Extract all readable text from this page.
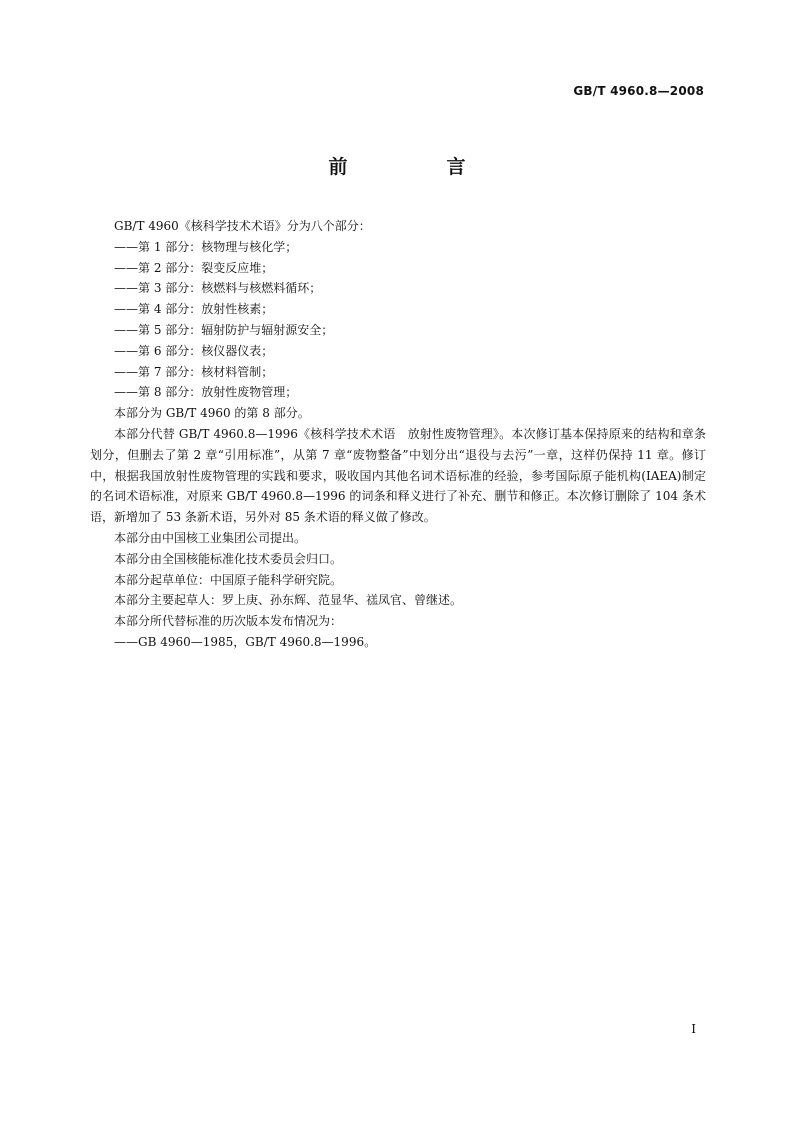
GB/T 4960.8—2008
前　言

GB/T 4960《核科学技术术语》分为八个部分：

——第 1 部分：核物理与核化学；

——第 2 部分：裂变反应堆；

——第 3 部分：核燃料与核燃料循环；

——第 4 部分：放射性核素；

——第 5 部分：辐射防护与辐射源安全；

——第 6 部分：核仪器仪表；

——第 7 部分：核材料管制；

——第 8 部分：放射性废物管理；

本部分为 GB/T 4960 的第 8 部分。

本部分代替 GB/T 4960.8—1996《核科学技术术语　放射性废物管理》。本次修订基本保持原来的结构和章条划分，但删去了第 2 章“引用标准”，从第 7 章“废物整备”中划分出“退役与去污”一章，这样仍保持 11 章。修订中，根据我国放射性废物管理的实践和要求，吸收国内其他名词术语标准的经验，参考国际原子能机构(IAEA)制定的名词术语标准，对原来 GB/T 4960.8—1996 的词条和释义进行了补充、删节和修正。本次修订删除了 104 条术语，新增加了 53 条新术语，另外对 85 条术语的释义做了修改。

本部分由中国核工业集团公司提出。

本部分由全国核能标准化技术委员会归口。

本部分起草单位：中国原子能科学研究院。

本部分主要起草人：罗上庚、孙东辉、范显华、禚凤官、曾继述。

本部分所代替标准的历次版本发布情况为：

——GB 4960—1985，GB/T 4960.8—1996。

I
